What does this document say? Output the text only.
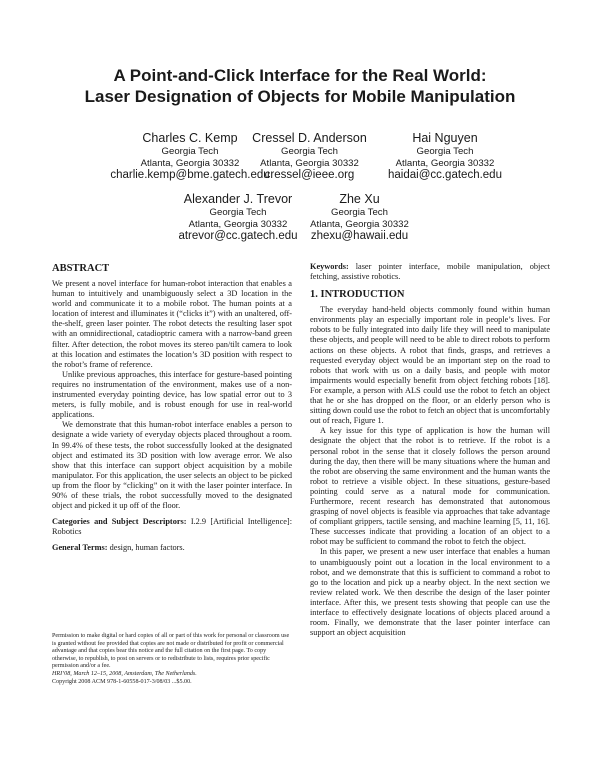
A Point-and-Click Interface for the Real World:
Laser Designation of Objects for Mobile Manipulation
Charles C. Kemp
Georgia Tech
Atlanta, Georgia 30332
charlie.kemp@bme.gatech.edu
Cressel D. Anderson
Georgia Tech
Atlanta, Georgia 30332
cressel@ieee.org
Hai Nguyen
Georgia Tech
Atlanta, Georgia 30332
haidai@cc.gatech.edu
Alexander J. Trevor
Georgia Tech
Atlanta, Georgia 30332
atrevor@cc.gatech.edu
Zhe Xu
Georgia Tech
Atlanta, Georgia 30332
zhexu@hawaii.edu
ABSTRACT

We present a novel interface for human-robot interaction that enables a human to intuitively and unambiguously select a 3D location in the world and communicate it to a mobile robot. The human points at a location of interest and illuminates it (“clicks it”) with an unaltered, off-the-shelf, green laser pointer. The robot detects the resulting laser spot with an omnidirectional, catadioptric camera with a narrow-band green filter. After detection, the robot moves its stereo pan/tilt camera to look at this location and estimates the location’s 3D position with respect to the robot’s frame of reference.

Unlike previous approaches, this interface for gesture-based pointing requires no instrumentation of the environment, makes use of a non-instrumented everyday pointing device, has low spatial error out to 3 meters, is fully mobile, and is robust enough for use in real-world applications.

We demonstrate that this human-robot interface enables a person to designate a wide variety of everyday objects placed throughout a room. In 99.4% of these tests, the robot successfully looked at the designated object and estimated its 3D position with low average error. We also show that this interface can support object acquisition by a mobile manipulator. For this application, the user selects an object to be picked up from the floor by “clicking” on it with the laser pointer interface. In 90% of these trials, the robot successfully moved to the designated object and picked it up off of the floor.

Categories and Subject Descriptors: I.2.9 [Artificial Intelligence]: Robotics

General Terms: design, human factors.

Permission to make digital or hard copies of all or part of this work for personal or classroom use is granted without fee provided that copies are not made or distributed for profit or commercial advantage and that copies bear this notice and the full citation on the first page. To copy otherwise, to republish, to post on servers or to redistribute to lists, requires prior specific permission and/or a fee.

HRI’08, March 12–15, 2008, Amsterdam, The Netherlands.

Copyright 2008 ACM 978-1-60558-017-3/08/03 ...$5.00.

Keywords: laser pointer interface, mobile manipulation, object fetching, assistive robotics.

1. INTRODUCTION

The everyday hand-held objects commonly found within human environments play an especially important role in people’s lives. For robots to be fully integrated into daily life they will need to manipulate these objects, and people will need to be able to direct robots to perform actions on these objects. A robot that finds, grasps, and retrieves a requested everyday object would be an important step on the road to robots that work with us on a daily basis, and people with motor impairments would especially benefit from object fetching robots [18]. For example, a person with ALS could use the robot to fetch an object that he or she has dropped on the floor, or an elderly person who is sitting down could use the robot to fetch an object that is uncomfortably out of reach, Figure 1.

A key issue for this type of application is how the human will designate the object that the robot is to retrieve. If the robot is a personal robot in the sense that it closely follows the person around during the day, then there will be many situations where the human and the robot are observing the same environment and the human wants the robot to retrieve a visible object. In these situations, gesture-based pointing could serve as a natural mode for communication. Furthermore, recent research has demonstrated that autonomous grasping of novel objects is feasible via approaches that take advantage of compliant grippers, tactile sensing, and machine learning [5, 11, 16]. These successes indicate that providing a location of an object to a robot may be sufficient to command the robot to fetch the object.

In this paper, we present a new user interface that enables a human to unambiguously point out a location in the local environment to a robot, and we demonstrate that this is sufficient to command a robot to go to the location and pick up a nearby object. In the next section we review related work. We then describe the design of the laser pointer interface. After this, we present tests showing that people can use the interface to effectively designate locations of objects placed around a room. Finally, we demonstrate that the laser pointer interface can support an object acquisition
